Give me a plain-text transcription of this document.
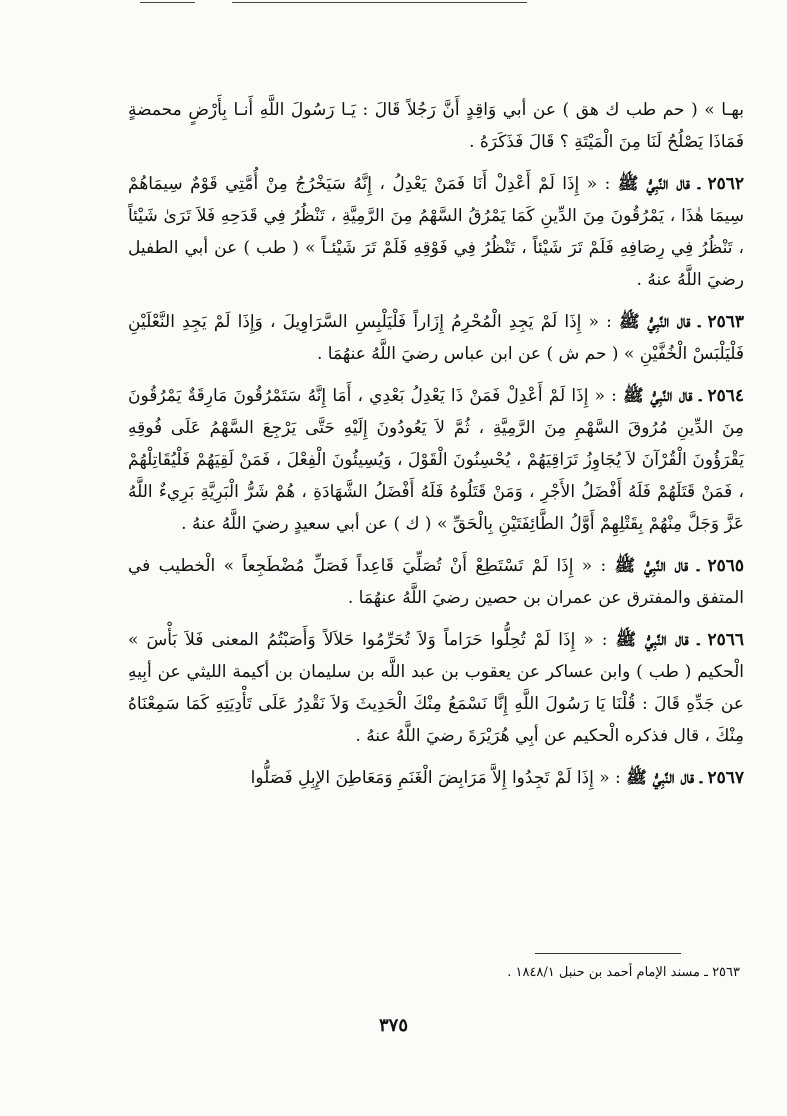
بهـا » ( حم طب ك هق ) عن أبي وَاقِدٍ أَنَّ رَجُلاً قَالَ : يَـا رَسُولَ اللَّهِ أَنـا بِأَرْضٍ محمضةٍ فَمَاذَا يَصْلُحُ لَنَا مِنَ الْمَيْتَةِ ؟ قَالَ فَذَكَرَهُ .

٢٥٦٢ ـ قال النَّبِيُّ ﷺ : « إِذَا لَمْ أَعْدِلْ أَنَا فَمَنْ يَعْدِلُ ، إِنَّهُ سَيَخْرُجُ مِنْ أُمَّتِي قَوْمٌ سِيمَاهُمْ سِيمَا هٰذَا ، يَمْرُقُونَ مِنَ الدِّينِ كَمَا يَمْرُقُ السَّهْمُ مِنَ الرَّمِيَّةِ ، تَنْظُرُ فِي قَدَحِهِ فَلاَ تَرَىٰ شَيْئاً ، تَنْظُرُ فِي رِصَافِهِ فَلَمْ تَرَ شَيْئاً ، تَنْظُرُ فِي فَوْقِهِ فَلَمْ تَرَ شَيْئـاً » ( طب ) عن أبي الطفيل رضيَ اللَّهُ عنهُ .

٢٥٦٣ ـ قال النَّبِيُّ ﷺ : « إِذَا لَمْ يَجِدِ الْمُحْرِمُ إِزَاراً فَلْيَلْبِسِ السَّرَاوِيلَ ، وَإِذَا لَمْ يَجِدِ النَّعْلَيْنِ فَلْيَلْبَسْ الْخُفَّيْنِ » ( حم ش ) عن ابن عباس رضيَ اللَّهُ عنهُمَا .

٢٥٦٤ ـ قال النَّبِيُّ ﷺ : « إِذَا لَمْ أَعْدِلْ فَمَنْ ذَا يَعْدِلُ بَعْدِي ، أَمَا إِنَّهُ سَتَمْرُقُونَ مَارِقَةٌ يَمْرُقُونَ مِنَ الدِّينِ مُرُوقَ السَّهْمِ مِنَ الرَّمِيَّةِ ، ثُمَّ لاَ يَعُودُونَ إِلَيْهِ حَتَّى يَرْجِعَ السَّهْمُ عَلَى فُوقِهِ يَقْرَؤُونَ الْقُرْآنَ لاَ يُجَاوِزُ تَرَاقِيَهُمْ ، يُحْسِنُونَ الْقَوْلَ ، وَيُسِيئُونَ الْفِعْلَ ، فَمَنْ لَقِيَهُمْ فَلْيُقَاتِلْهُمْ ، فَمَنْ قَتَلَهُمْ فَلَهُ أَفْضَلُ الأَجْرِ ، وَمَنْ قَتَلُوهُ فَلَهُ أَفْضَلُ الشَّهَادَةِ ، هُمْ شَرُّ الْبَرِيَّةِ بَرِيءٌ اللَّهُ عَزَّ وَجَلَّ مِنْهُمْ بِقَتْلِهِمْ أَوَّلُ الطَّائِفَتَيْنِ بِالْحَقِّ » ( ك ) عن أبي سعيدٍ رضيَ اللَّهُ عنهُ .

٢٥٦٥ ـ قال النَّبِيُّ ﷺ : « إِذَا لَمْ تَسْتَطِعْ أَنْ تُصَلِّيَ قَاعِداً فَصَلِّ مُضْطَجِعاً » الْخطيب في المتفق والمفترق عن عمران بن حصين رضيَ اللَّهُ عنهُمَا .

٢٥٦٦ ـ قال النَّبِيُّ ﷺ : « إِذَا لَمْ تُحِلُّوا حَرَاماً وَلاَ تُحَرِّمُوا حَلاَلاً وَأَصَبْتُمُ المعنى فَلاَ بَأْسَ » الْحكيم ( طب ) وابن عساكر عن يعقوب بن عبد اللَّه بن سليمان بن أكيمة الليثي عن أبِيهِ عن جَدِّهِ قَالَ : قُلْنَا يَا رَسُولَ اللَّهِ إِنَّا نَسْمَعُ مِنْكَ الْحَدِيثَ وَلاَ نَقْدِرُ عَلَى تَأْدِيَتِهِ كَمَا سَمِعْنَاهُ مِنْكَ ، قال فذكره الْحكيم عن أبِي هُرَيْرَةَ رضيَ اللَّهُ عنهُ .

٢٥٦٧ ـ قال النَّبِيُّ ﷺ : « إِذَا لَمْ تَجِدُوا إِلاَّ مَرَابِضَ الْغَنَمِ وَمَعَاطِنَ الإِبِلِ فَصَلُّوا

٢٥٦٣ ـ مسند الإمام أحمد بن حنبل ١٨٤٨/١ .
٣٧٥
